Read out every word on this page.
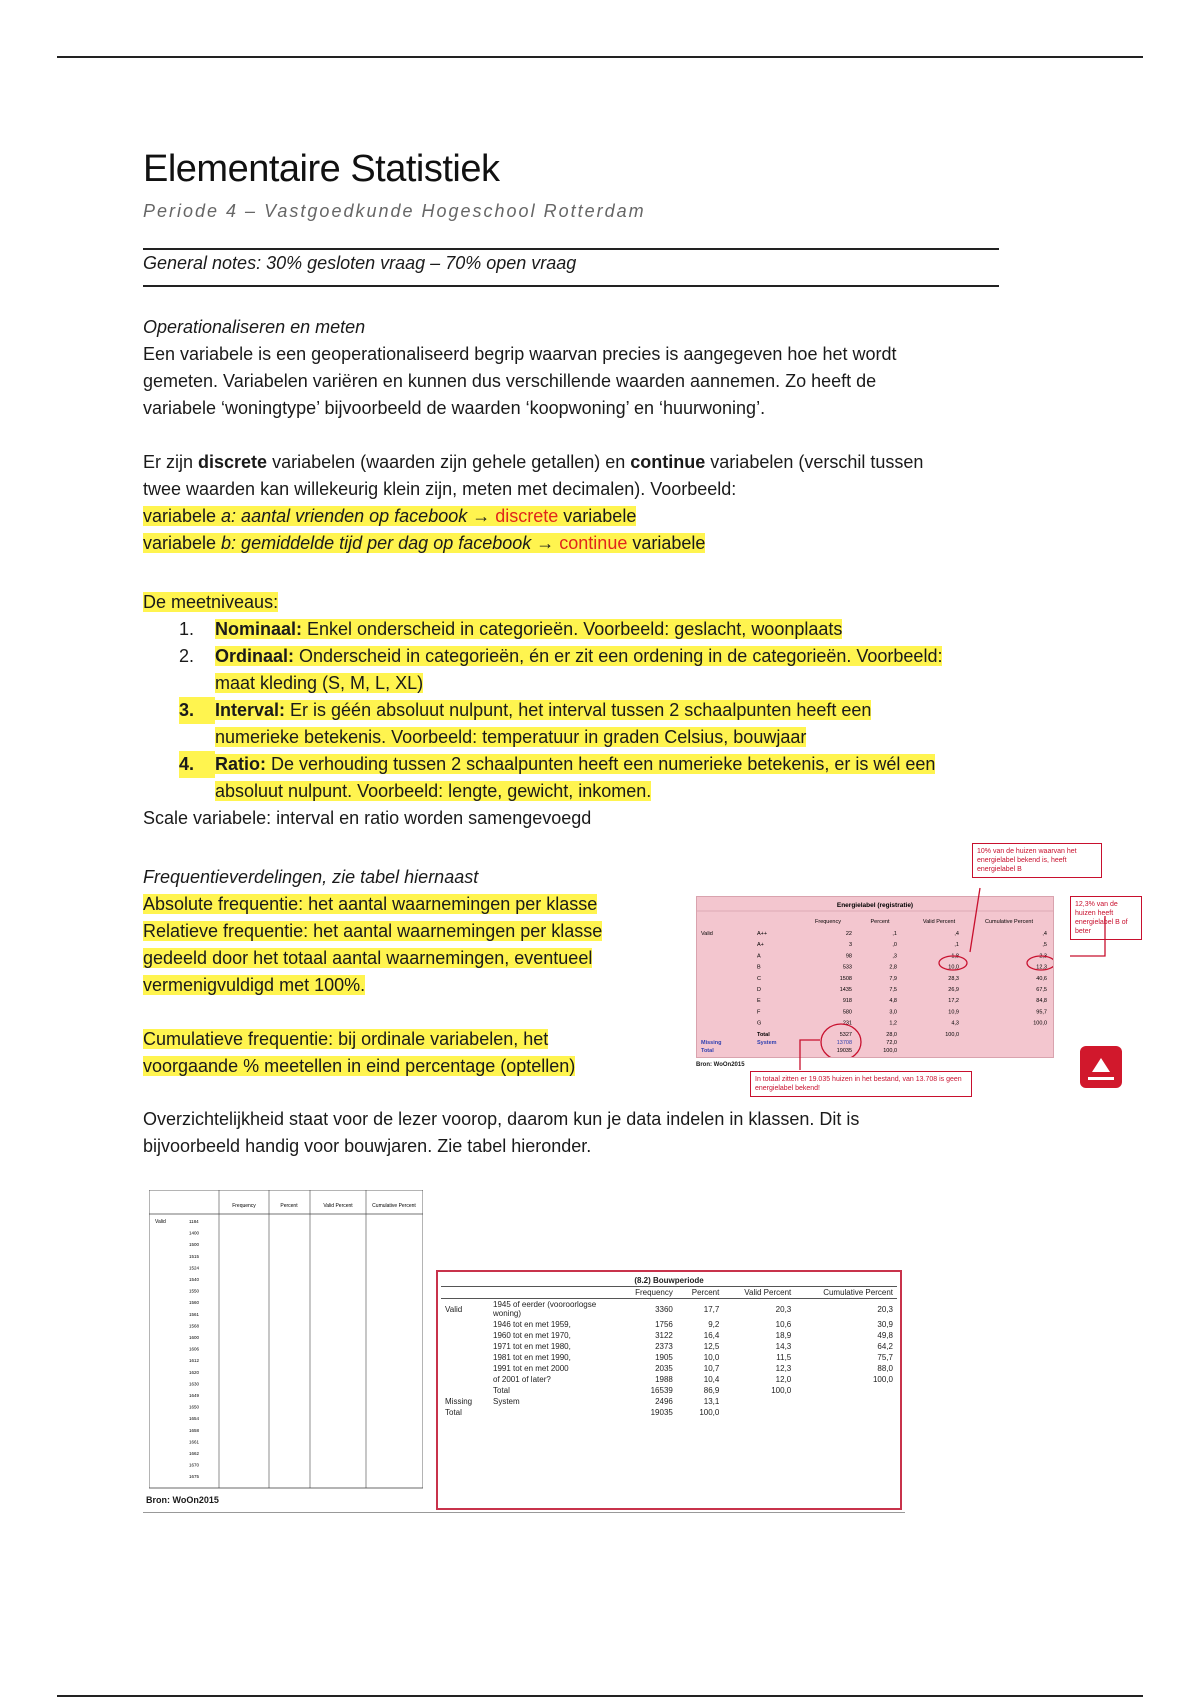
Elementaire Statistiek
Periode 4 – Vastgoedkunde Hogeschool Rotterdam
General notes: 30% gesloten vraag – 70% open vraag
Operationaliseren en meten
Een variabele is een geoperationaliseerd begrip waarvan precies is aangegeven hoe het wordt
gemeten. Variabelen variëren en kunnen dus verschillende waarden aannemen. Zo heeft de
variabele ‘woningtype’ bijvoorbeeld de waarden ‘koopwoning’ en ‘huurwoning’.
Er zijn discrete variabelen (waarden zijn gehele getallen) en continue variabelen (verschil tussen
twee waarden kan willekeurig klein zijn, meten met decimalen). Voorbeeld:
variabele a: aantal vrienden op facebook → discrete variabele
variabele b: gemiddelde tijd per dag op facebook → continue variabele
De meetniveaus:
1. Nominaal: Enkel onderscheid in categorieën. Voorbeeld: geslacht, woonplaats
2. Ordinaal: Onderscheid in categorieën, én er zit een ordening in de categorieën. Voorbeeld:
maat kleding (S, M, L, XL)
3. Interval: Er is géén absoluut nulpunt, het interval tussen 2 schaalpunten heeft een
numerieke betekenis. Voorbeeld: temperatuur in graden Celsius, bouwjaar
4. Ratio: De verhouding tussen 2 schaalpunten heeft een numerieke betekenis, er is wél een
absoluut nulpunt. Voorbeeld: lengte, gewicht, inkomen.
Scale variabele: interval en ratio worden samengevoegd
Frequentieverdelingen, zie tabel hiernaast
Absolute frequentie: het aantal waarnemingen per klasse
Relatieve frequentie: het aantal waarnemingen per klasse
gedeeld door het totaal aantal waarnemingen, eventueel
vermenigvuldigd met 100%.
Cumulatieve frequentie: bij ordinale variabelen, het
voorgaande % meetellen in eind percentage (optellen)
Energielabel (registratie)
Frequency	Percent	Valid Percent	Cumulative Percent
Valid	A++	22	,1	,4	,4
A+	3	,0	,1	,5
A	98	,3	1,8	2,3
B	533	2,8	10,0	12,3
C	1508	7,9	28,3	40,6
D	1435	7,5	26,9	67,5
E	918	4,8	17,2	84,8
F	580	3,0	10,9	95,7
G	231	1,2	4,3	100,0
Total	5327	28,0	100,0
Missing	System	13708	72,0
Total	19035	100,0
Bron: WoOn2015
10% van de huizen waarvan het energielabel bekend is, heeft energielabel B
12,3% van de huizen heeft energielabel B of beter
In totaal zitten er 19.035 huizen in het bestand, van 13.708 is geen energielabel bekend!
Overzichtelijkheid staat voor de lezer voorop, daarom kun je data indelen in klassen. Dit is
bijvoorbeeld handig voor bouwjaren. Zie tabel hieronder.
Frequency	Percent	Valid Percent	Cumulative Percent
Valid	1184
1400
1500
1515
1524
1540
1550
1560
1561
1568
1600
1606
1612
1620
1630
1649
1650
1654
1658
1661
1662
1670
1675
Bron: WoOn2015
(8.2) Bouwperiode					
		Frequency	Percent	Valid Percent	Cumulative Percent
Valid	1945 of eerder (vooroorlogse woning)	3360	17,7	20,3	20,3
	1946 tot en met 1959,	1756	9,2	10,6	30,9
	1960 tot en met 1970,	3122	16,4	18,9	49,8
	1971 tot en met 1980,	2373	12,5	14,3	64,2
	1981 tot en met 1990,	1905	10,0	11,5	75,7
	1991 tot en met 2000	2035	10,7	12,3	88,0
	of 2001 of later?	1988	10,4	12,0	100,0
	Total	16539	86,9	100,0	
Missing	System	2496	13,1		
Total		19035	100,0		
